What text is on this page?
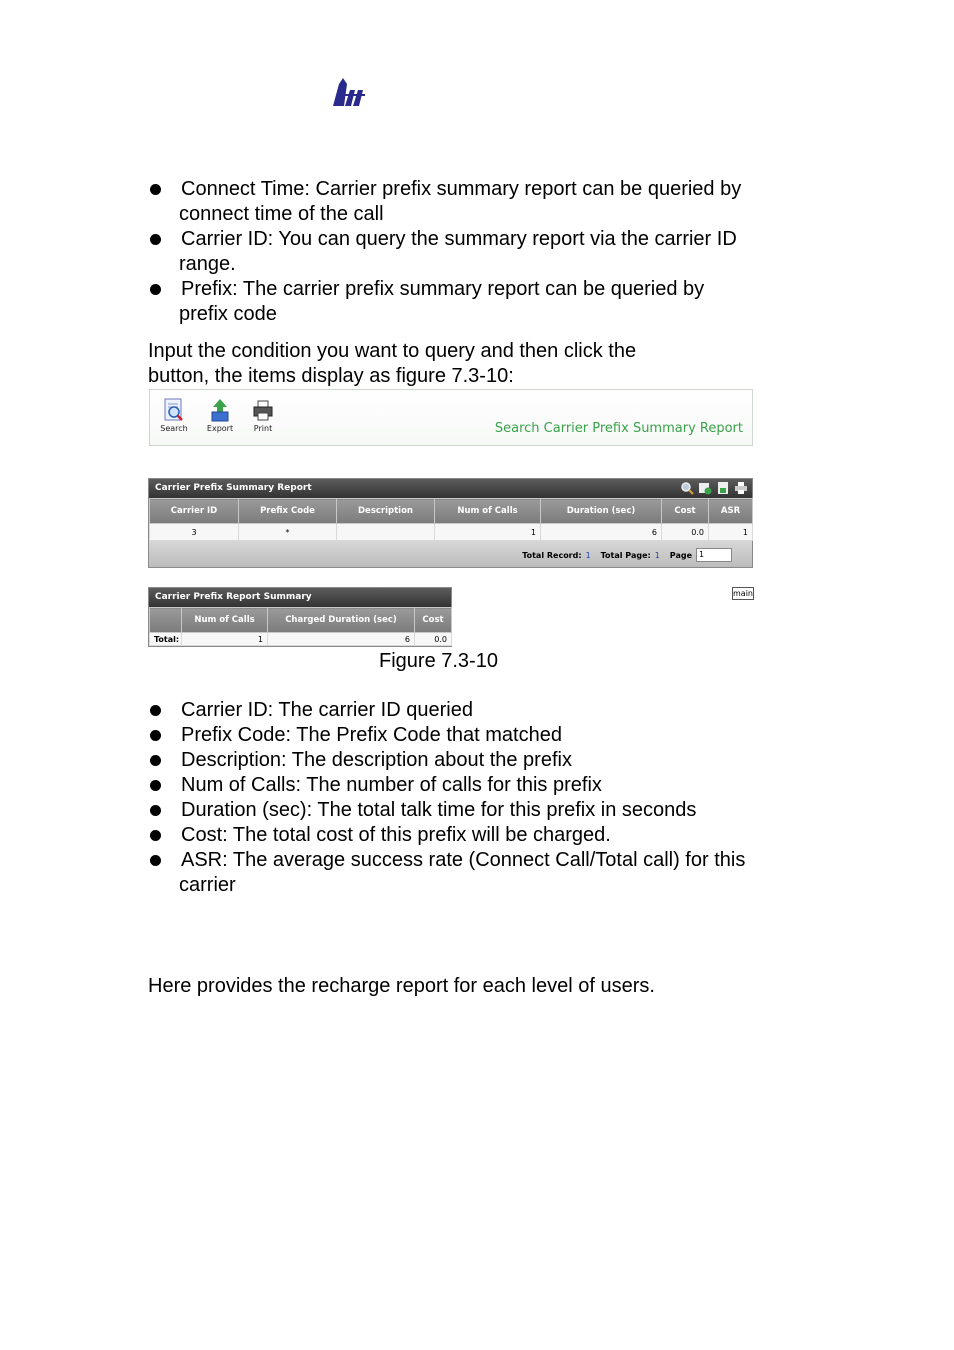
Connect Time: Carrier prefix summary report can be queried by
connect time of the call
Carrier ID: You can query the summary report via the carrier ID
range.
Prefix: The carrier prefix summary report can be queried by
prefix code

Input the condition you want to query and then click the
button, the items display as figure 7.3-10:

Search	Export	Print	Search Carrier Prefix Summary Report
Carrier Prefix Summary Report
Carrier ID	Prefix Code	Description	Num of Calls	Duration (sec)	Cost	ASR
3	*		1	6	0.0	1
Total Record: 1 Total Page: 1 Page 1
Carrier Prefix Report Summary
	Num of Calls	Charged Duration (sec)	Cost
Total:	1	6	0.0
main
Figure 7.3-10
Carrier ID: The carrier ID queried
Prefix Code: The Prefix Code that matched
Description: The description about the prefix
Num of Calls: The number of calls for this prefix
Duration (sec): The total talk time for this prefix in seconds
Cost: The total cost of this prefix will be charged.
ASR: The average success rate (Connect Call/Total call) for this
carrier

Here provides the recharge report for each level of users.
